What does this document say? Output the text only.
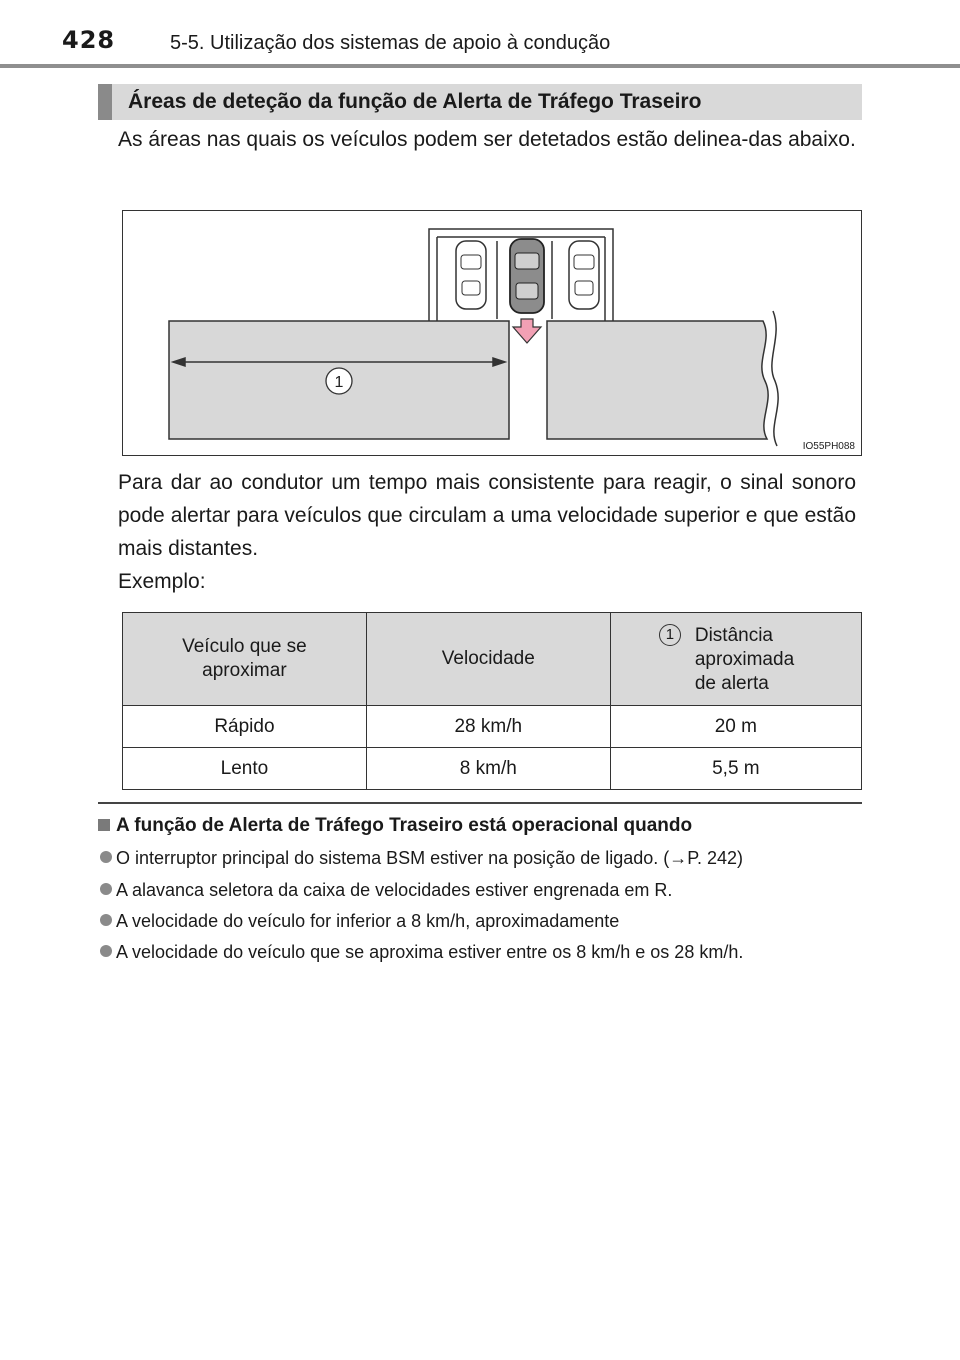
428	5-5. Utilização dos sistemas de apoio à condução
Áreas de deteção da função de Alerta de Tráfego Traseiro

As áreas nas quais os veículos podem ser detetados estão delinea-das abaixo.

1
IO55PH088

Para dar ao condutor um tempo mais consistente para reagir, o sinal sonoro pode alertar para veículos que circulam a uma velocidade superior e que estão mais distantes.

Exemplo:

Veículo que se aproximar	Velocidade	1 Distância aproximada de alerta

Rápido	28 km/h	20 m
Lento	8 km/h	5,5 m
A função de Alerta de Tráfego Traseiro está operacional quando
O interruptor principal do sistema BSM estiver na posição de ligado. (→P. 242)
A alavanca seletora da caixa de velocidades estiver engrenada em R.
A velocidade do veículo for inferior a 8 km/h, aproximadamente
A velocidade do veículo que se aproxima estiver entre os 8 km/h e os 28 km/h.
